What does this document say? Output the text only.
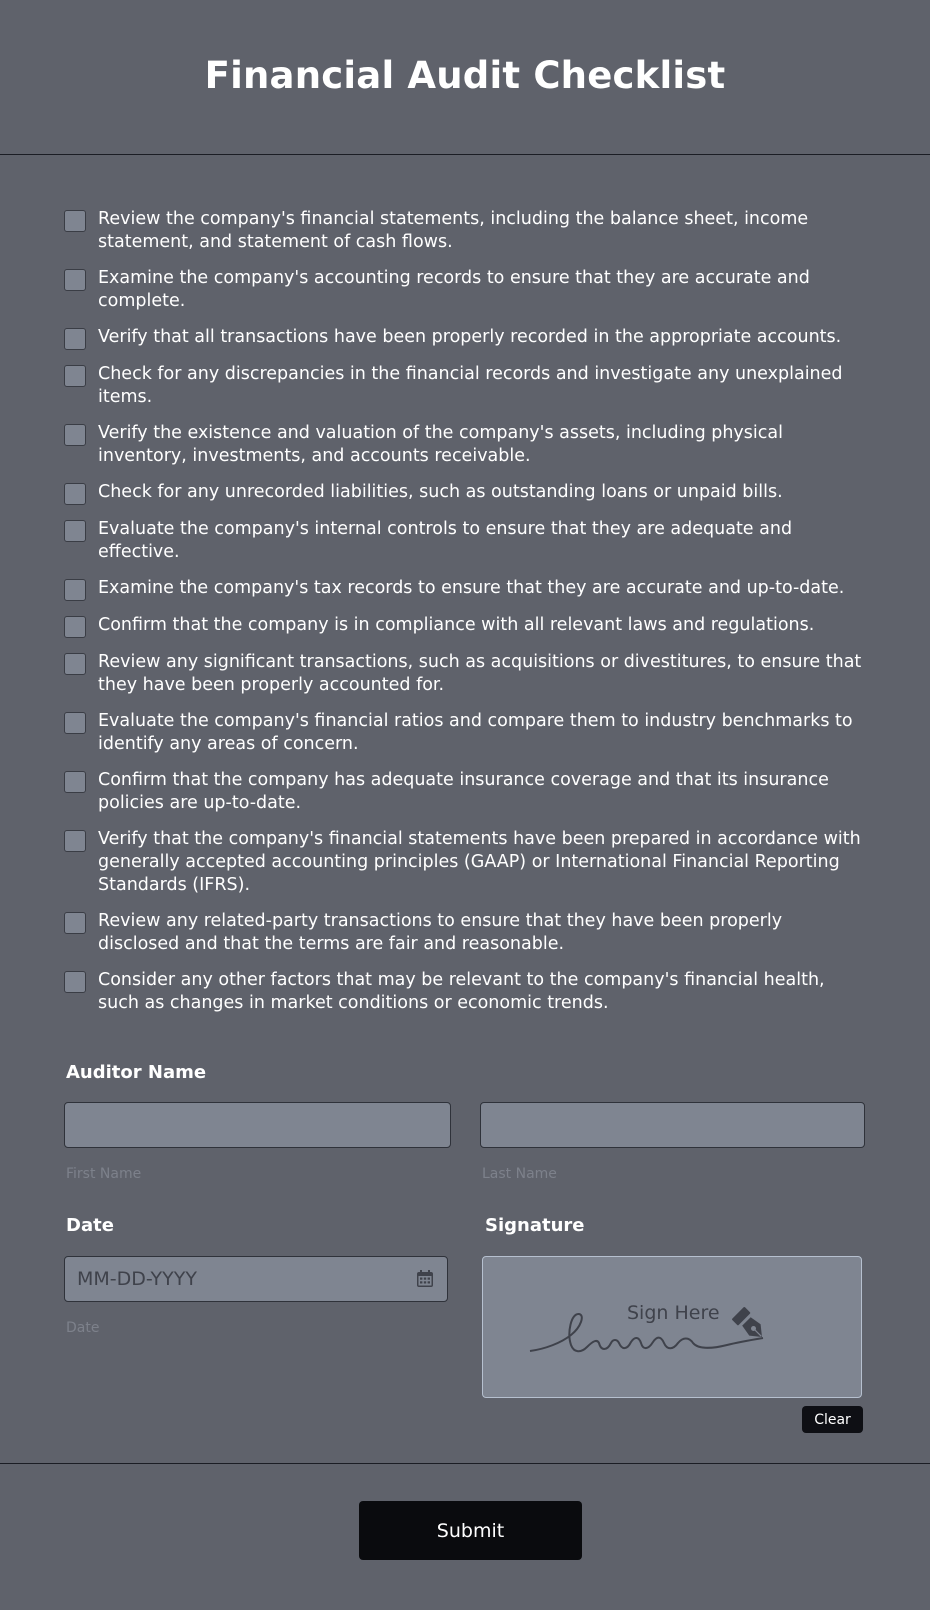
Financial Audit Checklist
Review the company's financial statements, including the balance sheet, income statement, and statement of cash flows.
Examine the company's accounting records to ensure that they are accurate and complete.
Verify that all transactions have been properly recorded in the appropriate accounts.
Check for any discrepancies in the financial records and investigate any unexplained items.
Verify the existence and valuation of the company's assets, including physical inventory, investments, and accounts receivable.
Check for any unrecorded liabilities, such as outstanding loans or unpaid bills.
Evaluate the company's internal controls to ensure that they are adequate and effective.
Examine the company's tax records to ensure that they are accurate and up-to-date.
Confirm that the company is in compliance with all relevant laws and regulations.
Review any significant transactions, such as acquisitions or divestitures, to ensure that they have been properly accounted for.
Evaluate the company's financial ratios and compare them to industry benchmarks to identify any areas of concern.
Confirm that the company has adequate insurance coverage and that its insurance policies are up-to-date.
Verify that the company's financial statements have been prepared in accordance with generally accepted accounting principles (GAAP) or International Financial Reporting Standards (IFRS).
Review any related-party transactions to ensure that they have been properly disclosed and that the terms are fair and reasonable.
Consider any other factors that may be relevant to the company's financial health, such as changes in market conditions or economic trends.
Auditor Name
First Name	Last Name
Date
MM-DD-YYYY
Date
Signature
Sign Here
Clear
Submit
